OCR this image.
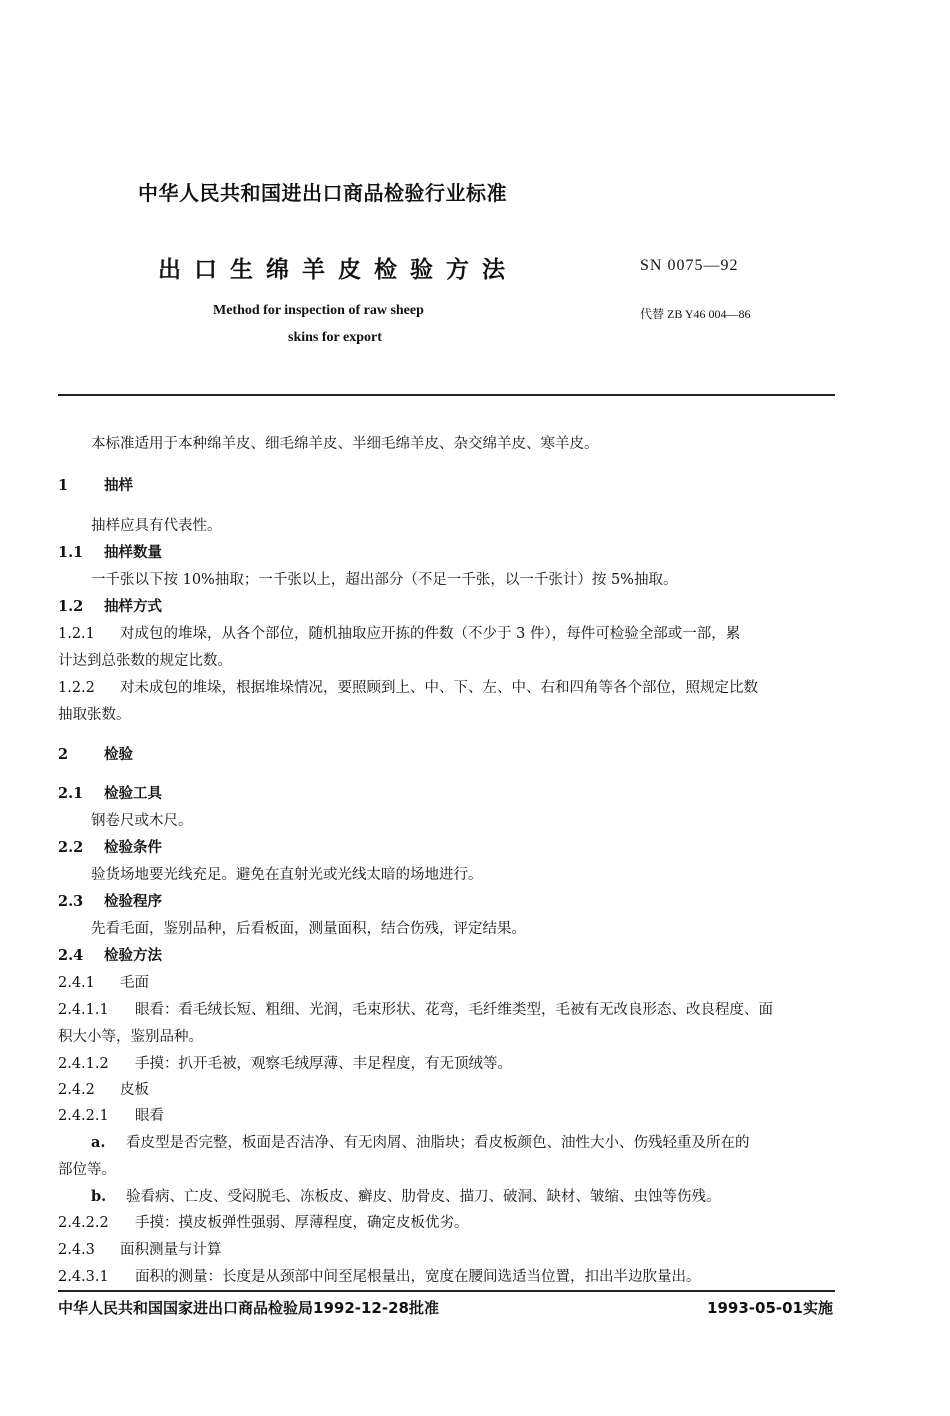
中华人民共和国进出口商品检验行业标准
出口生绵羊皮检验方法	SN 0075—92
Method for inspection of raw sheep
skins for export
代替 ZB Y46 004—86
本标准适用于本种绵羊皮、细毛绵羊皮、半细毛绵羊皮、杂交绵羊皮、寒羊皮。
1 抽样
抽样应具有代表性。
1.1 抽样数量
一千张以下按 10%抽取；一千张以上，超出部分（不足一千张，以一千张计）按 5%抽取。
1.2 抽样方式
1.2.1 对成包的堆垛，从各个部位，随机抽取应开拣的件数（不少于 3 件），每件可检验全部或一部，累
计达到总张数的规定比数。
1.2.2 对未成包的堆垛，根据堆垛情况，要照顾到上、中、下、左、中、右和四角等各个部位，照规定比数
抽取张数。
2 检验
2.1 检验工具
钢卷尺或木尺。
2.2 检验条件
验货场地要光线充足。避免在直射光或光线太暗的场地进行。
2.3 检验程序
先看毛面，鉴别品种，后看板面，测量面积，结合伤残，评定结果。
2.4 检验方法
2.4.1 毛面
2.4.1.1 眼看：看毛绒长短、粗细、光润，毛束形状、花弯，毛纤维类型，毛被有无改良形态、改良程度、面
积大小等，鉴别品种。
2.4.1.2 手摸：扒开毛被，观察毛绒厚薄、丰足程度，有无顶绒等。
2.4.2 皮板
2.4.2.1 眼看
a. 看皮型是否完整，板面是否洁净、有无肉屑、油脂块；看皮板颜色、油性大小、伤残轻重及所在的
部位等。
b. 验看病、亡皮、受闷脱毛、冻板皮、癣皮、肋骨皮、描刀、破洞、缺材、皱缩、虫蚀等伤残。
2.4.2.2 手摸：摸皮板弹性强弱、厚薄程度，确定皮板优劣。
2.4.3 面积测量与计算
2.4.3.1 面积的测量：长度是从颈部中间至尾根量出，宽度在腰间选适当位置，扣出半边肷量出。
中华人民共和国国家进出口商品检验局1992-12-28批准	1993-05-01实施
